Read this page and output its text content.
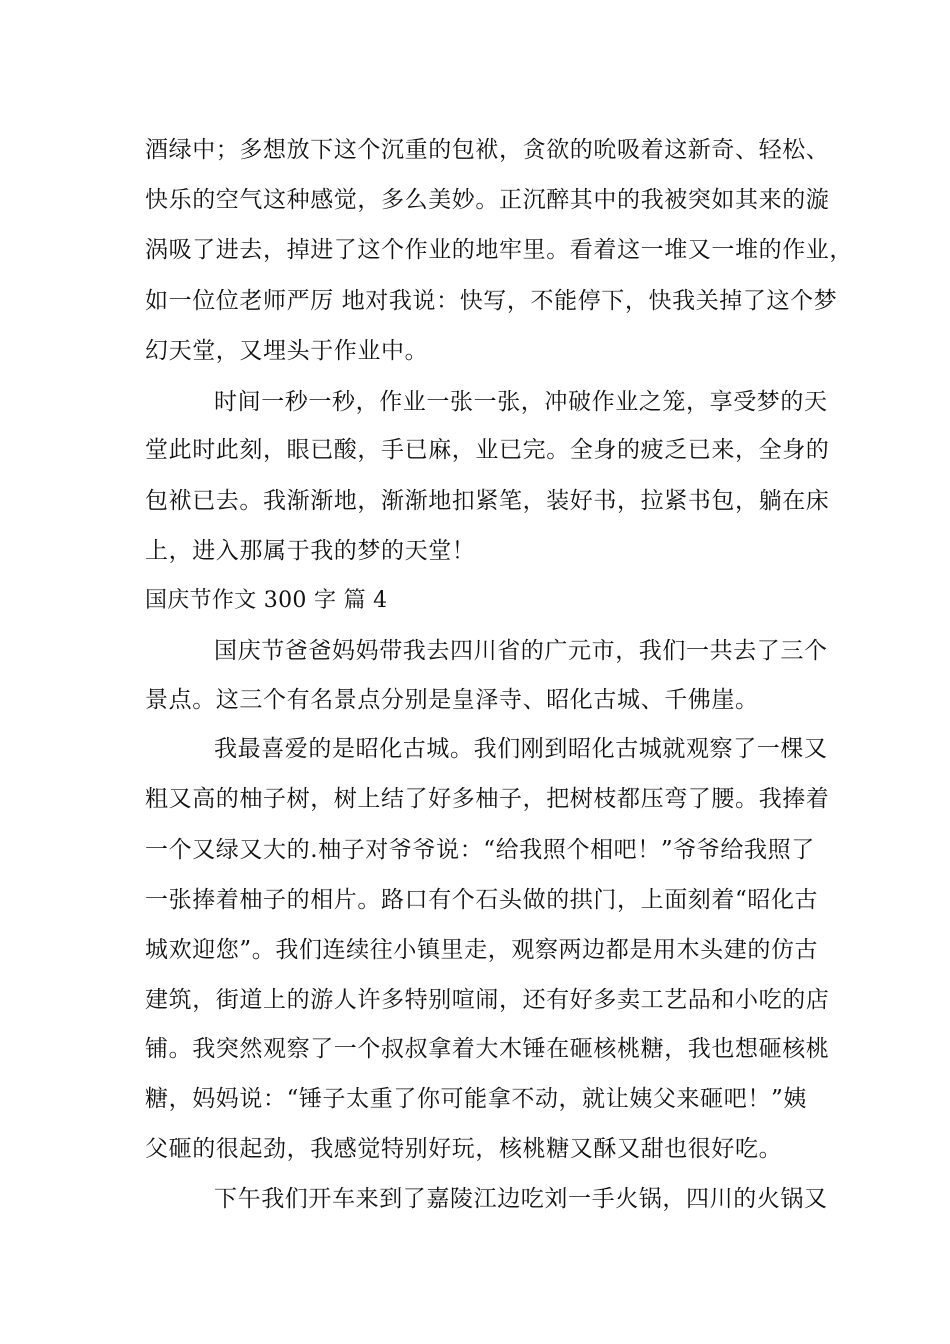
酒绿中；多想放下这个沉重的包袱，贪欲的吮吸着这新奇、轻松、
快乐的空气这种感觉，多么美妙。正沉醉其中的我被突如其来的漩
涡吸了进去，掉进了这个作业的地牢里。看着这一堆又一堆的作业，
如一位位老师严厉 地对我说：快写，不能停下，快我关掉了这个梦
幻天堂，又埋头于作业中。
时间一秒一秒，作业一张一张，冲破作业之笼，享受梦的天
堂此时此刻，眼已酸，手已麻，业已完。全身的疲乏已来，全身的
包袱已去。我渐渐地，渐渐地扣紧笔，装好书，拉紧书包，躺在床
上，进入那属于我的梦的天堂！
国庆节作文 300 字 篇 4
国庆节爸爸妈妈带我去四川省的广元市，我们一共去了三个
景点。这三个有名景点分别是皇泽寺、昭化古城、千佛崖。
我最喜爱的是昭化古城。我们刚到昭化古城就观察了一棵又
粗又高的柚子树，树上结了好多柚子，把树枝都压弯了腰。我捧着
一个又绿又大的.柚子对爷爷说：“给我照个相吧！”爷爷给我照了
一张捧着柚子的相片。路口有个石头做的拱门，上面刻着“昭化古
城欢迎您”。我们连续往小镇里走，观察两边都是用木头建的仿古
建筑，街道上的游人许多特别喧闹，还有好多卖工艺品和小吃的店
铺。我突然观察了一个叔叔拿着大木锤在砸核桃糖，我也想砸核桃
糖，妈妈说：“锤子太重了你可能拿不动，就让姨父来砸吧！”姨
父砸的很起劲，我感觉特别好玩，核桃糖又酥又甜也很好吃。
下午我们开车来到了嘉陵江边吃刘一手火锅，四川的火锅又
